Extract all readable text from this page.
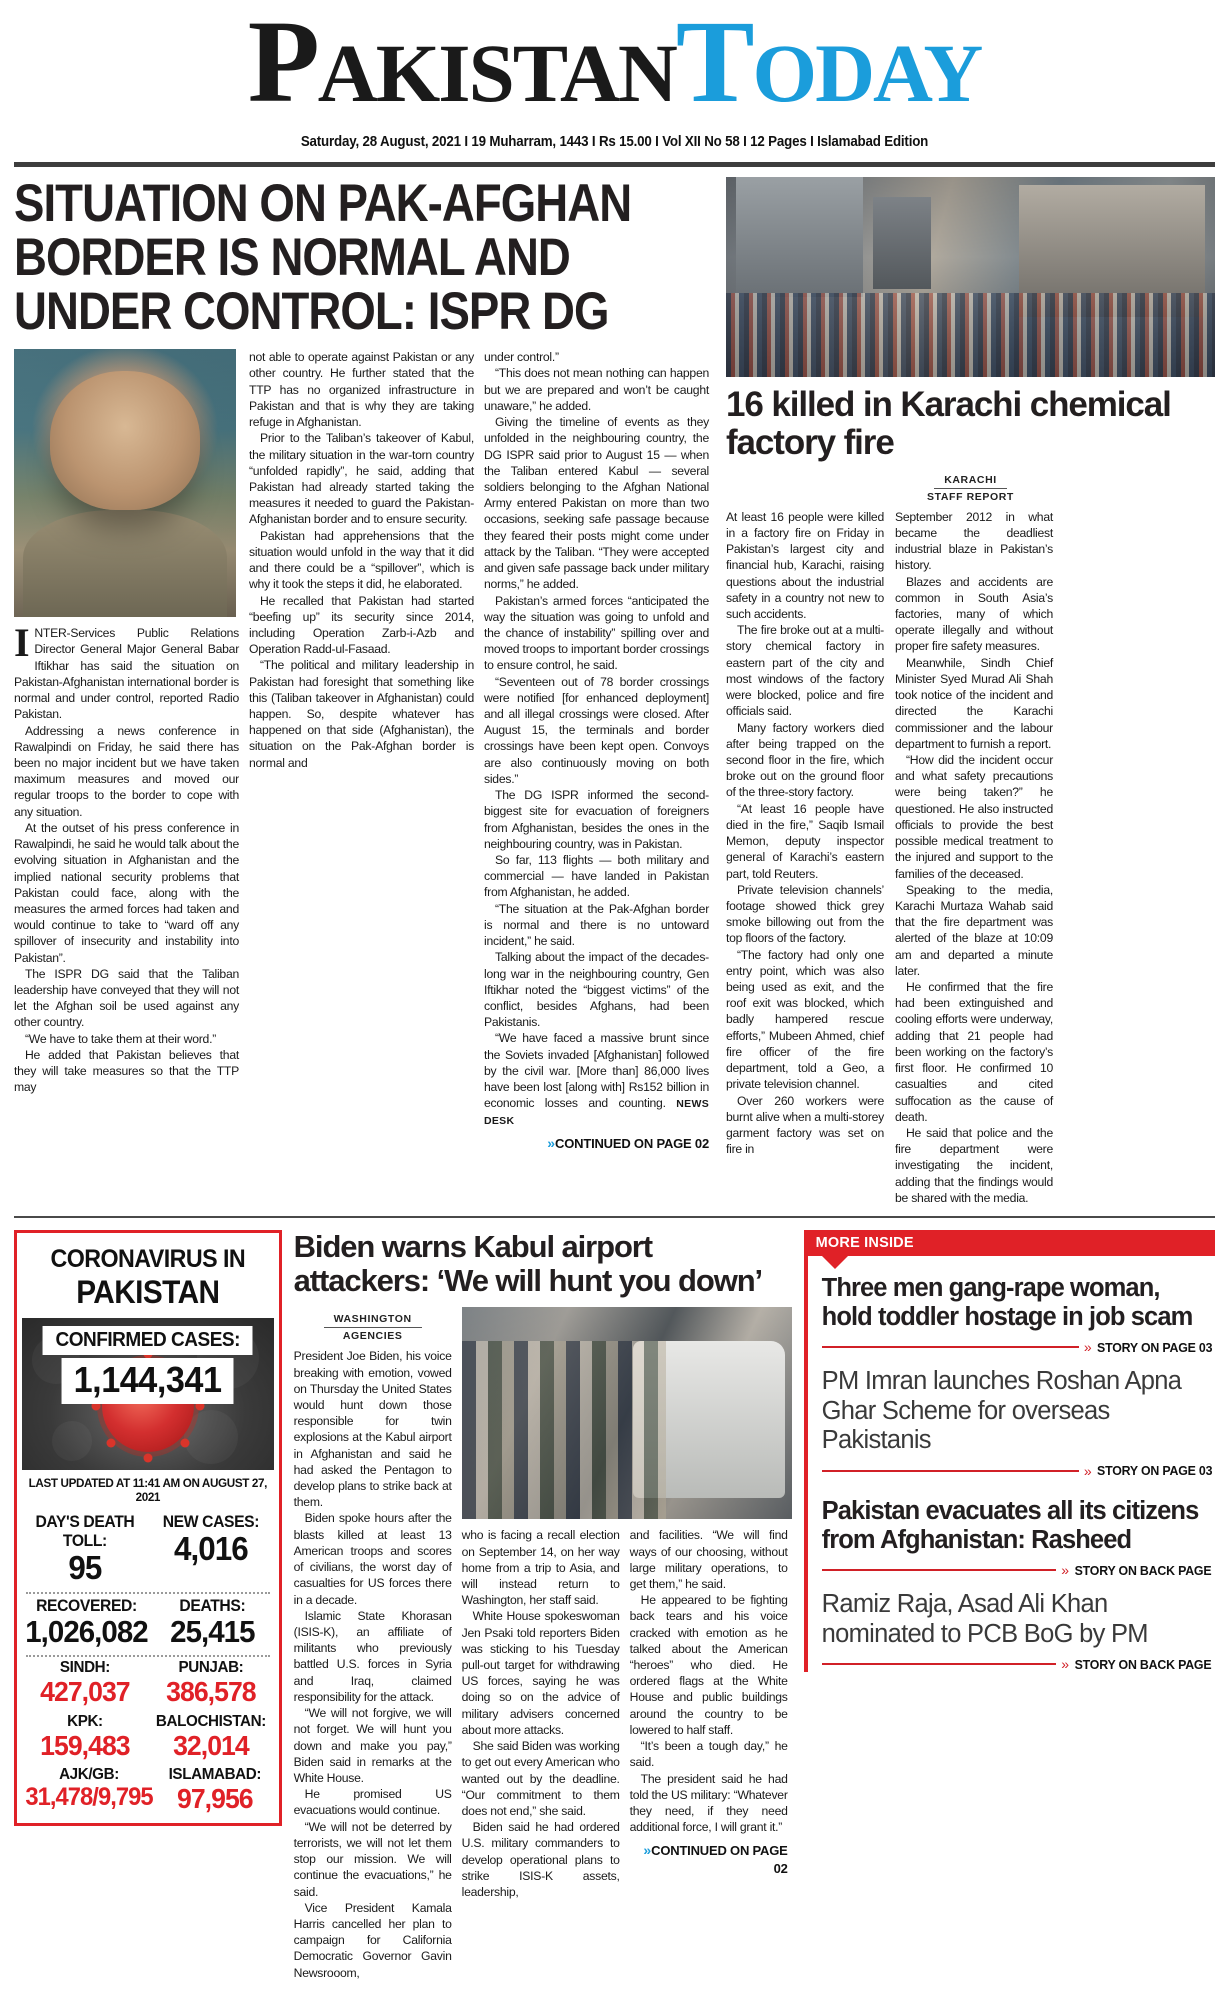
PakistanToday
Saturday, 28 August, 2021 I 19 Muharram, 1443 I Rs 15.00 I Vol XII No 58 I 12 Pages I Islamabad Edition
SITUATION ON PAK-AFGHAN BORDER IS NORMAL AND UNDER CONTROL: ISPR DG

INTER-Services Public Relations Director General Major General Babar Iftikhar has said the situation on Pakistan-Afghanistan international border is normal and under control, reported Radio Pakistan.

Addressing a news conference in Rawalpindi on Friday, he said there has been no major incident but we have taken maximum measures and moved our regular troops to the border to cope with any situation.

At the outset of his press conference in Rawalpindi, he said he would talk about the evolving situation in Afghanistan and the implied national security problems that Pakistan could face, along with the measures the armed forces had taken and would continue to take to “ward off any spillover of insecurity and instability into Pakistan”.

The ISPR DG said that the Taliban leadership have conveyed that they will not let the Afghan soil be used against any other country.

“We have to take them at their word.”

He added that Pakistan believes that they will take measures so that the TTP may

not able to operate against Pakistan or any other country. He further stated that the TTP has no organized infrastructure in Pakistan and that is why they are taking refuge in Afghanistan.

Prior to the Taliban’s takeover of Kabul, the military situation in the war-torn country “unfolded rapidly”, he said, adding that Pakistan had already started taking the measures it needed to guard the Pakistan-Afghanistan border and to ensure security.

Pakistan had apprehensions that the situation would unfold in the way that it did and there could be a “spillover”, which is why it took the steps it did, he elaborated.

He recalled that Pakistan had started “beefing up” its security since 2014, including Operation Zarb-i-Azb and Operation Radd-ul-Fasaad.

“The political and military leadership in Pakistan had foresight that something like this (Taliban takeover in Afghanistan) could happen. So, despite whatever has happened on that side (Afghanistan), the situation on the Pak-Afghan border is normal and

under control.”

“This does not mean nothing can happen but we are prepared and won’t be caught unaware,” he added.

Giving the timeline of events as they unfolded in the neighbouring country, the DG ISPR said prior to August 15 — when the Taliban entered Kabul — several soldiers belonging to the Afghan National Army entered Pakistan on more than two occasions, seeking safe passage because they feared their posts might come under attack by the Taliban. “They were accepted and given safe passage back under military norms,” he added.

Pakistan’s armed forces “anticipated the way the situation was going to unfold and the chance of instability” spilling over and moved troops to important border crossings to ensure control, he said.

“Seventeen out of 78 border crossings were notified [for enhanced deployment] and all illegal crossings were closed. After August 15, the terminals and border crossings have been kept open. Convoys are also continuously moving on both sides.”

The DG ISPR informed the second-biggest site for evacuation of foreigners from Afghanistan, besides the ones in the neighbouring country, was in Pakistan.

So far, 113 flights — both military and commercial — have landed in Pakistan from Afghanistan, he added.

“The situation at the Pak-Afghan border is normal and there is no untoward incident,” he said.

Talking about the impact of the decades-long war in the neighbouring country, Gen Iftikhar noted the “biggest victims” of the conflict, besides Afghans, had been Pakistanis.

“We have faced a massive brunt since the Soviets invaded [Afghanistan] followed by the civil war. [More than] 86,000 lives have been lost [along with] Rs152 billion in economic losses and counting. NEWS DESK

» CONTINUED ON PAGE 02
16 killed in Karachi chemical factory fire
KARACHI
STAFF REPORT

At least 16 people were killed in a factory fire on Friday in Pakistan’s largest city and financial hub, Karachi, raising questions about the industrial safety in a country not new to such accidents.

The fire broke out at a multi-story chemical factory in eastern part of the city and most windows of the factory were blocked, police and fire officials said.

Many factory workers died after being trapped on the second floor in the fire, which broke out on the ground floor of the three-story factory.

“At least 16 people have died in the fire,” Saqib Ismail Memon, deputy inspector general of Karachi’s eastern part, told Reuters.

Private television channels’ footage showed thick grey smoke billowing out from the top floors of the factory.

“The factory had only one entry point, which was also being used as exit, and the roof exit was blocked, which badly hampered rescue efforts,” Mubeen Ahmed, chief fire officer of the fire department, told a Geo, a private television channel.

Over 260 workers were burnt alive when a multi-storey garment factory was set on fire in

September 2012 in what became the deadliest industrial blaze in Pakistan’s history.

Blazes and accidents are common in South Asia’s factories, many of which operate illegally and without proper fire safety measures.

Meanwhile, Sindh Chief Minister Syed Murad Ali Shah took notice of the incident and directed the Karachi commissioner and the labour department to furnish a report.

“How did the incident occur and what safety precautions were being taken?” he questioned. He also instructed officials to provide the best possible medical treatment to the injured and support to the families of the deceased.

Speaking to the media, Karachi Murtaza Wahab said that the fire department was alerted of the blaze at 10:09 am and departed a minute later.

He confirmed that the fire had been extinguished and cooling efforts were underway, adding that 21 people had been working on the factory’s first floor. He confirmed 10 casualties and cited suffocation as the cause of death.

He said that police and the fire department were investigating the incident, adding that the findings would be shared with the media.

CORONAVIRUS IN
PAKISTAN
CONFIRMED CASES:
1,144,341
LAST UPDATED AT 11:41 AM ON AUGUST 27, 2021
DAY'S DEATH TOLL:
95
NEW CASES:
4,016
RECOVERED:
1,026,082
DEATHS:
25,415
SINDH:
427,037
PUNJAB:
386,578
KPK:
159,483
BALOCHISTAN:
32,014
AJK/GB:
31,478/9,795
ISLAMABAD:
97,956
Biden warns Kabul airport attackers: ‘We will hunt you down’
WASHINGTON
AGENCIES

President Joe Biden, his voice breaking with emotion, vowed on Thursday the United States would hunt down those responsible for twin explosions at the Kabul airport in Afghanistan and said he had asked the Pentagon to develop plans to strike back at them.

Biden spoke hours after the blasts killed at least 13 American troops and scores of civilians, the worst day of casualties for US forces there in a decade.

Islamic State Khorasan (ISIS-K), an affiliate of militants who previously battled U.S. forces in Syria and Iraq, claimed responsibility for the attack.

“We will not forgive, we will not forget. We will hunt you down and make you pay,” Biden said in remarks at the White House.

He promised US evacuations would continue.

“We will not be deterred by terrorists, we will not let them stop our mission. We will continue the evacuations,” he said.

Vice President Kamala Harris cancelled her plan to campaign for California Democratic Governor Gavin Newsrooom,

who is facing a recall election on September 14, on her way home from a trip to Asia, and will instead return to Washington, her staff said.

White House spokeswoman Jen Psaki told reporters Biden was sticking to his Tuesday pull-out target for withdrawing US forces, saying he was doing so on the advice of military advisers concerned about more attacks.

She said Biden was working to get out every American who wanted out by the deadline. “Our commitment to them does not end,” she said.

Biden said he had ordered U.S. military commanders to develop operational plans to strike ISIS-K assets, leadership,

and facilities. “We will find ways of our choosing, without large military operations, to get them,” he said.

He appeared to be fighting back tears and his voice cracked with emotion as he talked about the American “heroes” who died. He ordered flags at the White House and public buildings around the country to be lowered to half staff.

“It’s been a tough day,” he said.

The president said he had told the US military: “Whatever they need, if they need additional force, I will grant it.”

» CONTINUED ON PAGE 02
MORE INSIDE
Three men gang-rape woman, hold toddler hostage in job scam
» STORY ON PAGE 03
PM Imran launches Roshan Apna Ghar Scheme for overseas Pakistanis
» STORY ON PAGE 03
Pakistan evacuates all its citizens from Afghanistan: Rasheed
» STORY ON BACK PAGE
Ramiz Raja, Asad Ali Khan nominated to PCB BoG by PM
» STORY ON BACK PAGE
